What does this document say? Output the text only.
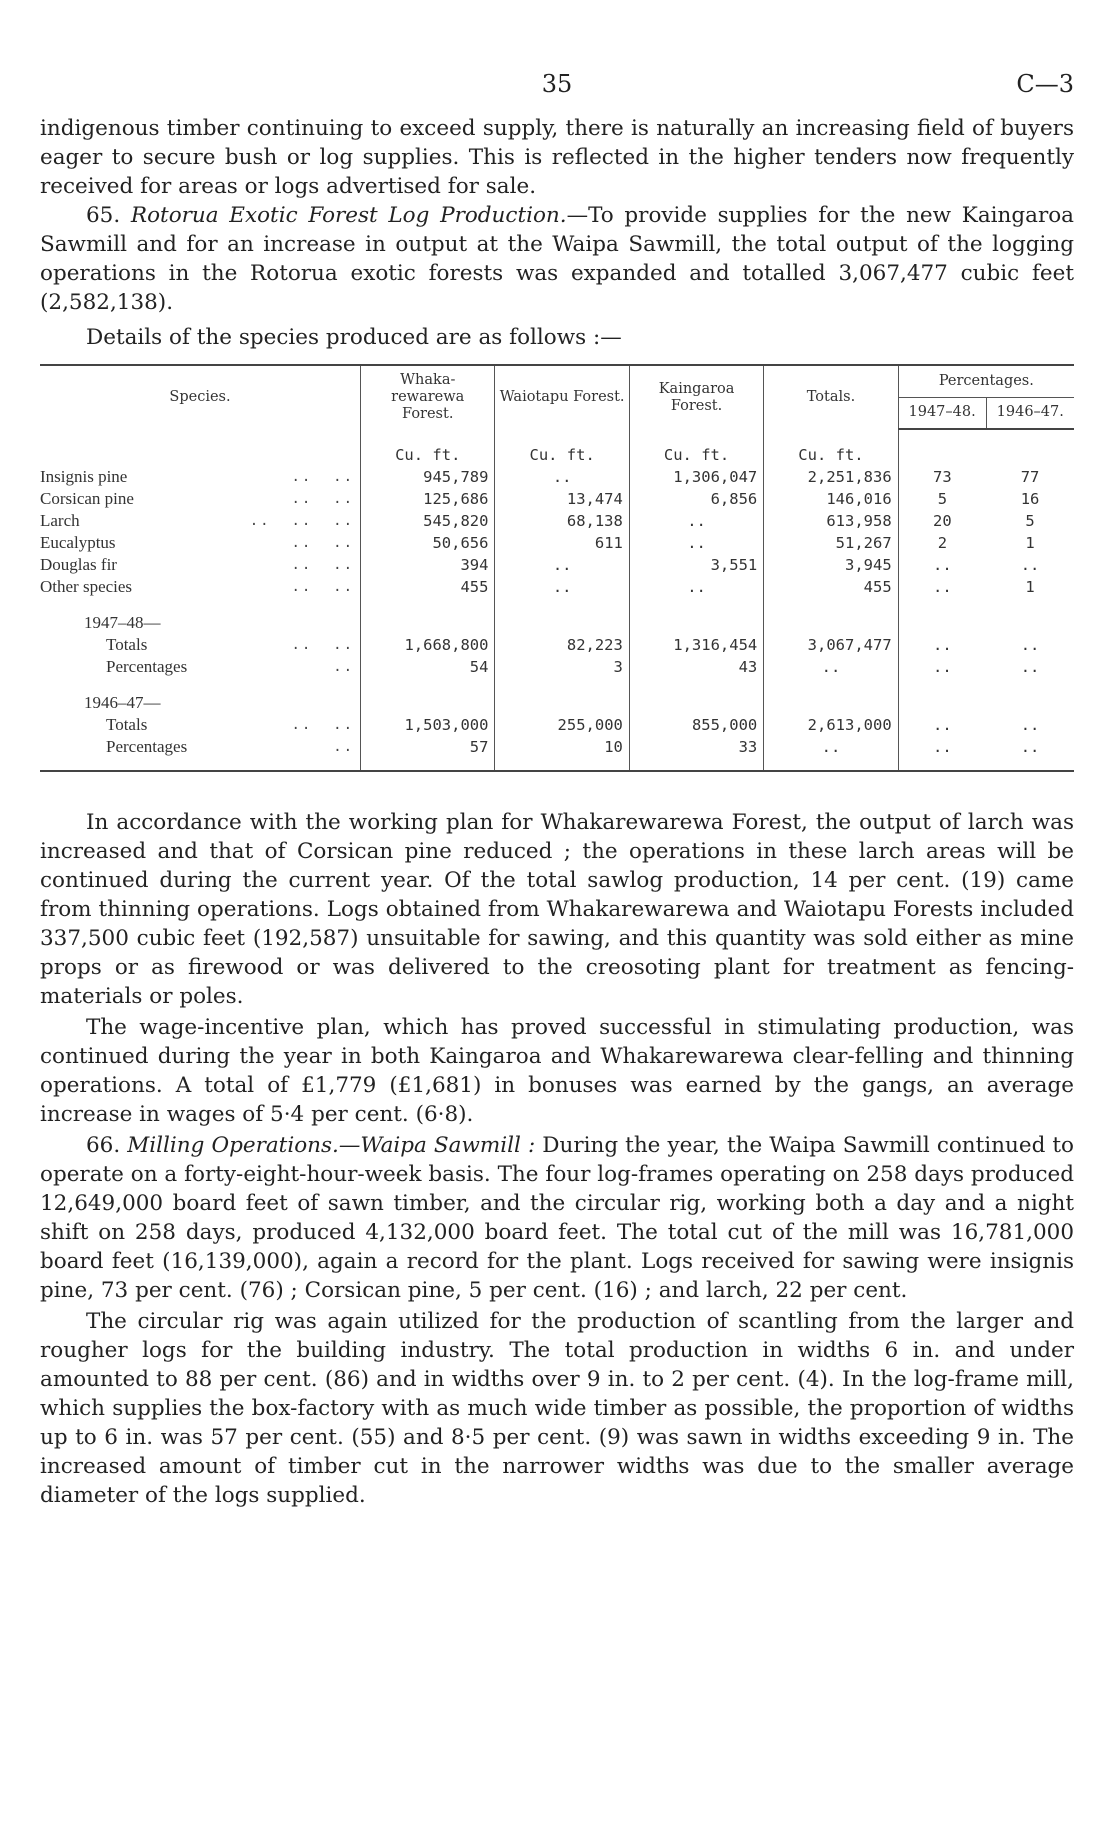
35	C—3

indigenous timber continuing to exceed supply, there is naturally an increasing field of buyers eager to secure bush or log supplies. This is reflected in the higher tenders now frequently received for areas or logs advertised for sale.

65. Rotorua Exotic Forest Log Production.—To provide supplies for the new Kaingaroa Sawmill and for an increase in output at the Waipa Sawmill, the total output of the logging operations in the Rotorua exotic forests was expanded and totalled 3,067,477 cubic feet (2,582,138).

Details of the species produced are as follows :—

Species.	Whaka-rewarewa Forest.	Waiotapu Forest.	Kaingaroa Forest.	Totals.	Percentages.	
					1947–48.	1946–47.

	Cu. ft.	Cu. ft.	Cu. ft.	Cu. ft.		
Insignis pine ..  ..	945,789	..	1,306,047	2,251,836	73	77
Corsican pine ..  ..	125,686	13,474	6,856	146,016	5	16
Larch ..  ..  ..	545,820	68,138	..	613,958	20	5
Eucalyptus ..  ..	50,656	611	..	51,267	2	1
Douglas fir ..  ..	394	..	3,551	3,945	..	..
Other species ..  ..	455	..	..	455	..	1

1947–48—						
Totals ..  ..	1,668,800	82,223	1,316,454	3,067,477	..	..
Percentages ..	54	3	43	..	..	..

1946–47—						
Totals ..  ..	1,503,000	255,000	855,000	2,613,000	..	..
Percentages ..	57	10	33	..	..	..

In accordance with the working plan for Whakarewarewa Forest, the output of larch was increased and that of Corsican pine reduced ; the operations in these larch areas will be continued during the current year. Of the total sawlog production, 14 per cent. (19) came from thinning operations. Logs obtained from Whakarewarewa and Waiotapu Forests included 337,500 cubic feet (192,587) unsuitable for sawing, and this quantity was sold either as mine props or as firewood or was delivered to the creosoting plant for treatment as fencing-materials or poles.

The wage-incentive plan, which has proved successful in stimulating production, was continued during the year in both Kaingaroa and Whakarewarewa clear-felling and thinning operations. A total of £1,779 (£1,681) in bonuses was earned by the gangs, an average increase in wages of 5·4 per cent. (6·8).

66. Milling Operations.—Waipa Sawmill : During the year, the Waipa Sawmill continued to operate on a forty-eight-hour-week basis. The four log-frames operating on 258 days produced 12,649,000 board feet of sawn timber, and the circular rig, working both a day and a night shift on 258 days, produced 4,132,000 board feet. The total cut of the mill was 16,781,000 board feet (16,139,000), again a record for the plant. Logs received for sawing were insignis pine, 73 per cent. (76) ; Corsican pine, 5 per cent. (16) ; and larch, 22 per cent.

The circular rig was again utilized for the production of scantling from the larger and rougher logs for the building industry. The total production in widths 6 in. and under amounted to 88 per cent. (86) and in widths over 9 in. to 2 per cent. (4). In the log-frame mill, which supplies the box-factory with as much wide timber as possible, the proportion of widths up to 6 in. was 57 per cent. (55) and 8·5 per cent. (9) was sawn in widths exceeding 9 in. The increased amount of timber cut in the narrower widths was due to the smaller average diameter of the logs supplied.
